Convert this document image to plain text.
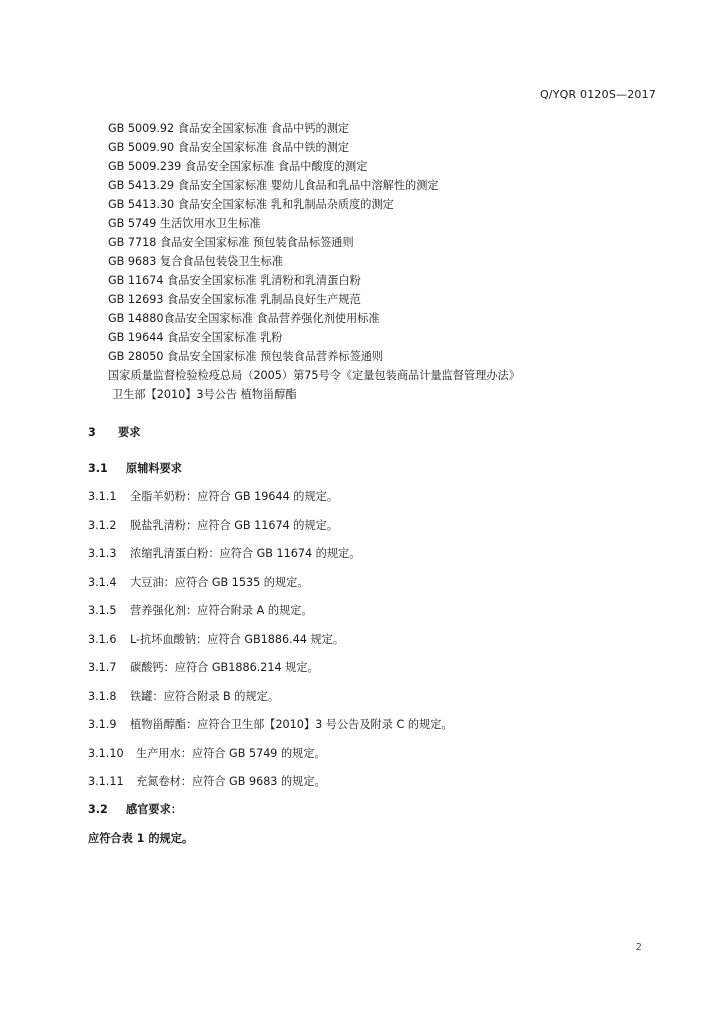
Q/YQR 0120S—2017
GB 5009.92 食品安全国家标准 食品中钙的测定
GB 5009.90 食品安全国家标准 食品中铁的测定
GB 5009.239 食品安全国家标准 食品中酸度的测定
GB 5413.29 食品安全国家标准 婴幼儿食品和乳品中溶解性的测定
GB 5413.30 食品安全国家标准 乳和乳制品杂质度的测定
GB 5749 生活饮用水卫生标准
GB 7718 食品安全国家标准 预包装食品标签通则
GB 9683 复合食品包装袋卫生标准
GB 11674 食品安全国家标准 乳清粉和乳清蛋白粉
GB 12693 食品安全国家标准 乳制品良好生产规范
GB 14880食品安全国家标准 食品营养强化剂使用标准
GB 19644 食品安全国家标准 乳粉
GB 28050 食品安全国家标准 预包装食品营养标签通则
国家质量监督检验检疫总局（2005）第75号令《定量包装商品计量监督管理办法》
卫生部【2010】3号公告 植物甾醇酯
3 要求
3.1 原辅料要求
3.1.1 全脂羊奶粉：应符合 GB 19644 的规定。
3.1.2 脱盐乳清粉：应符合 GB 11674 的规定。
3.1.3 浓缩乳清蛋白粉：应符合 GB 11674 的规定。
3.1.4 大豆油：应符合 GB 1535 的规定。
3.1.5 营养强化剂：应符合附录 A 的规定。
3.1.6 L-抗坏血酸钠：应符合 GB1886.44 规定。
3.1.7 碳酸钙：应符合 GB1886.214 规定。
3.1.8 铁罐：应符合附录 B 的规定。
3.1.9 植物甾醇酯：应符合卫生部【2010】3 号公告及附录 C 的规定。
3.1.10 生产用水：应符合 GB 5749 的规定。
3.1.11 充氮卷材：应符合 GB 9683 的规定。
3.2 感官要求：
应符合表 1 的规定。
2
